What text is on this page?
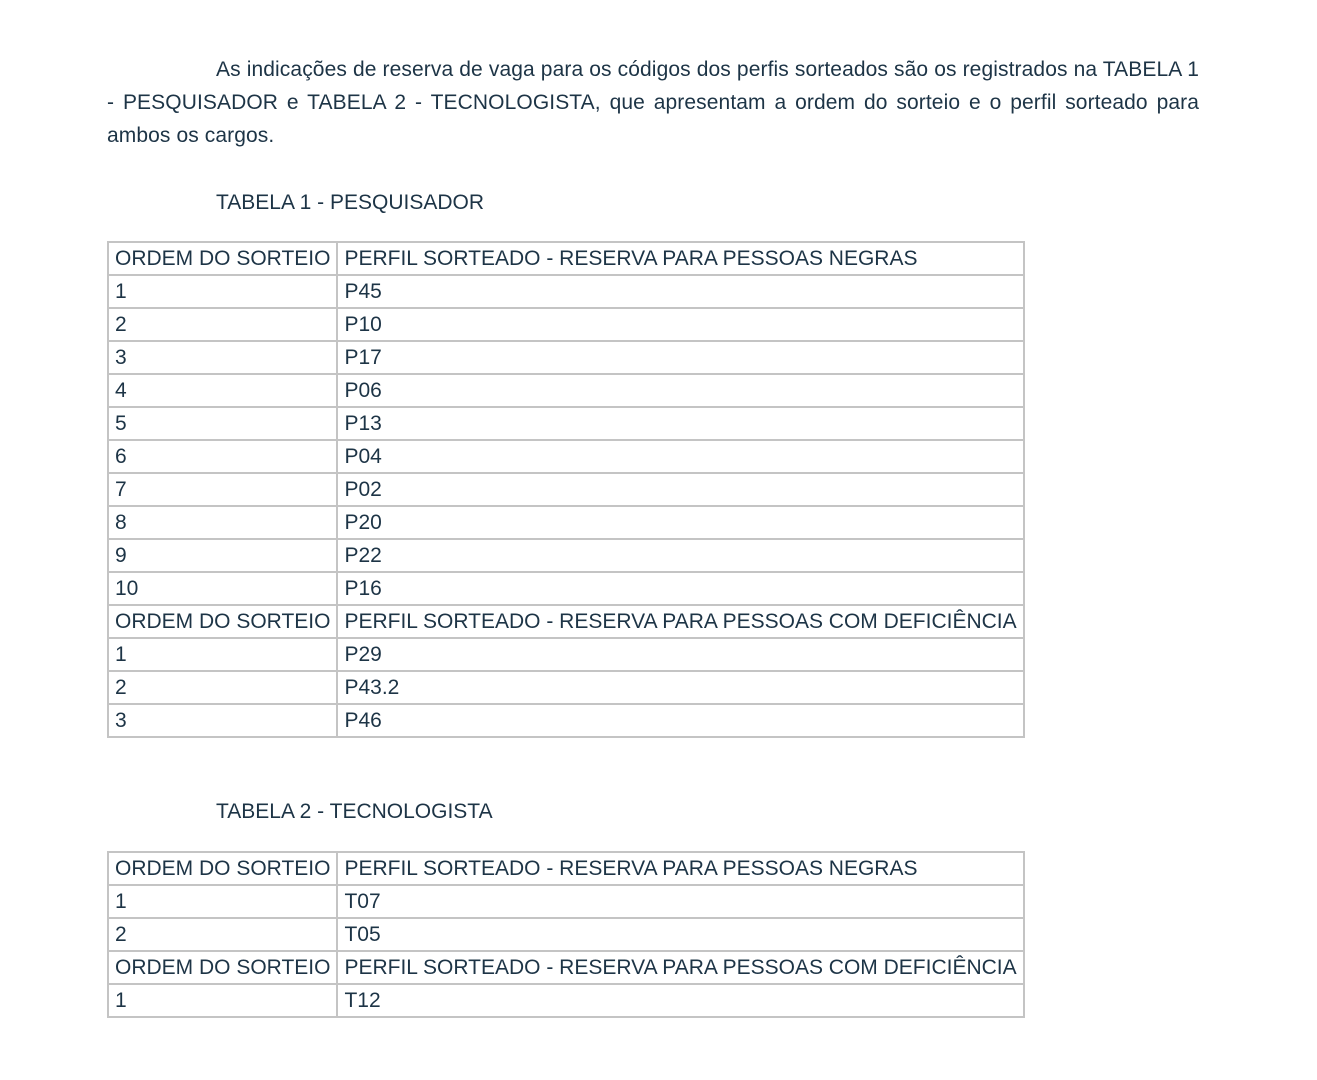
As indicações de reserva de vaga para os códigos dos perfis sorteados são os registrados na TABELA 1 - PESQUISADOR e TABELA 2 - TECNOLOGISTA, que apresentam a ordem do sorteio e o perfil sorteado para ambos os cargos.

TABELA 1 - PESQUISADOR
ORDEM DO SORTEIO	PERFIL SORTEADO - RESERVA PARA PESSOAS NEGRAS
1	P45
2	P10
3	P17
4	P06
5	P13
6	P04
7	P02
8	P20
9	P22
10	P16
ORDEM DO SORTEIO	PERFIL SORTEADO - RESERVA PARA PESSOAS COM DEFICIÊNCIA
1	P29
2	P43.2
3	P46
TABELA 2 - TECNOLOGISTA
ORDEM DO SORTEIO	PERFIL SORTEADO - RESERVA PARA PESSOAS NEGRAS
1	T07
2	T05
ORDEM DO SORTEIO	PERFIL SORTEADO - RESERVA PARA PESSOAS COM DEFICIÊNCIA
1	T12
